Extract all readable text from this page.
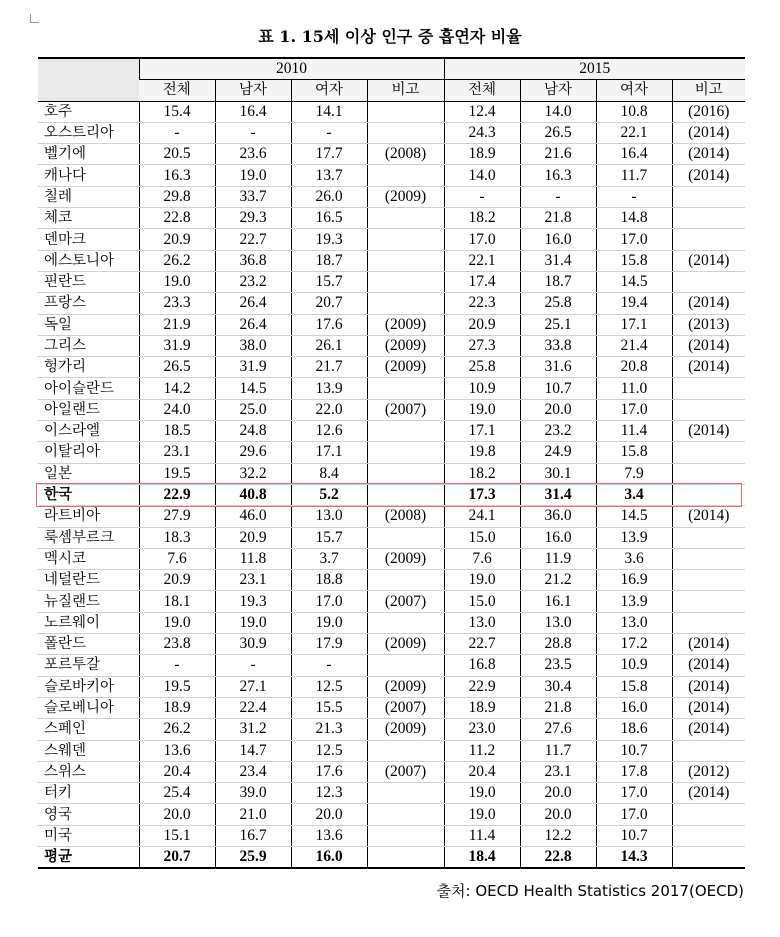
표 1. 15세 이상 인구 중 흡연자 비율
	2010				2015			
	전체	남자	여자	비고	전체	남자	여자	비고
호주	15.4	16.4	14.1		12.4	14.0	10.8	(2016)
오스트리아	-	-	-		24.3	26.5	22.1	(2014)
벨기에	20.5	23.6	17.7	(2008)	18.9	21.6	16.4	(2014)
캐나다	16.3	19.0	13.7		14.0	16.3	11.7	(2014)
칠레	29.8	33.7	26.0	(2009)	-	-	-	
체코	22.8	29.3	16.5		18.2	21.8	14.8	
덴마크	20.9	22.7	19.3		17.0	16.0	17.0	
에스토니아	26.2	36.8	18.7		22.1	31.4	15.8	(2014)
핀란드	19.0	23.2	15.7		17.4	18.7	14.5	
프랑스	23.3	26.4	20.7		22.3	25.8	19.4	(2014)
독일	21.9	26.4	17.6	(2009)	20.9	25.1	17.1	(2013)
그리스	31.9	38.0	26.1	(2009)	27.3	33.8	21.4	(2014)
헝가리	26.5	31.9	21.7	(2009)	25.8	31.6	20.8	(2014)
아이슬란드	14.2	14.5	13.9		10.9	10.7	11.0	
아일랜드	24.0	25.0	22.0	(2007)	19.0	20.0	17.0	
이스라엘	18.5	24.8	12.6		17.1	23.2	11.4	(2014)
이탈리아	23.1	29.6	17.1		19.8	24.9	15.8	
일본	19.5	32.2	8.4		18.2	30.1	7.9	
한국	22.9	40.8	5.2		17.3	31.4	3.4	
라트비아	27.9	46.0	13.0	(2008)	24.1	36.0	14.5	(2014)
룩셈부르크	18.3	20.9	15.7		15.0	16.0	13.9	
멕시코	7.6	11.8	3.7	(2009)	7.6	11.9	3.6	
네덜란드	20.9	23.1	18.8		19.0	21.2	16.9	
뉴질랜드	18.1	19.3	17.0	(2007)	15.0	16.1	13.9	
노르웨이	19.0	19.0	19.0		13.0	13.0	13.0	
폴란드	23.8	30.9	17.9	(2009)	22.7	28.8	17.2	(2014)
포르투갈	-	-	-		16.8	23.5	10.9	(2014)
슬로바키아	19.5	27.1	12.5	(2009)	22.9	30.4	15.8	(2014)
슬로베니아	18.9	22.4	15.5	(2007)	18.9	21.8	16.0	(2014)
스페인	26.2	31.2	21.3	(2009)	23.0	27.6	18.6	(2014)
스웨덴	13.6	14.7	12.5		11.2	11.7	10.7	
스위스	20.4	23.4	17.6	(2007)	20.4	23.1	17.8	(2012)
터키	25.4	39.0	12.3		19.0	20.0	17.0	(2014)
영국	20.0	21.0	20.0		19.0	20.0	17.0	
미국	15.1	16.7	13.6		11.4	12.2	10.7	
평균	20.7	25.9	16.0		18.4	22.8	14.3	
출처: OECD Health Statistics 2017(OECD)
